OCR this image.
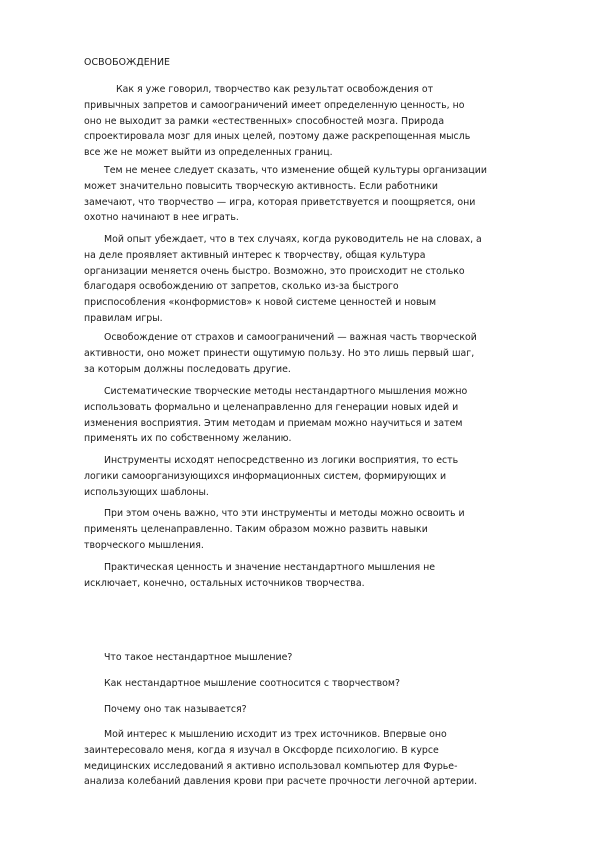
ОСВОБОЖДЕНИЕ

Как я уже говорил, творчество как результат освобождения от
привычных запретов и самоограничений имеет определенную ценность, но
оно не выходит за рамки «естественных» способностей мозга. Природа
спроектировала мозг для иных целей, поэтому даже раскрепощенная мысль
все же не может выйти из определенных границ.

Тем не менее следует сказать, что изменение общей культуры организации
может значительно повысить творческую активность. Если работники
замечают, что творчество — игра, которая приветствуется и поощряется, они
охотно начинают в нее играть.

Мой опыт убеждает, что в тех случаях, когда руководитель не на словах, а
на деле проявляет активный интерес к творчеству, общая культура
организации меняется очень быстро. Возможно, это происходит не столько
благодаря освобождению от запретов, сколько из-за быстрого
приспособления «конформистов» к новой системе ценностей и новым
правилам игры.

Освобождение от страхов и самоограничений — важная часть творческой
активности, оно может принести ощутимую пользу. Но это лишь первый шаг,
за которым должны последовать другие.

Систематические творческие методы нестандартного мышления можно
использовать формально и целенаправленно для генерации новых идей и
изменения восприятия. Этим методам и приемам можно научиться и затем
применять их по собственному желанию.

Инструменты исходят непосредственно из логики восприятия, то есть
логики самоорганизующихся информационных систем, формирующих и
использующих шаблоны.

При этом очень важно, что эти инструменты и методы можно освоить и
применять целенаправленно. Таким образом можно развить навыки
творческого мышления.

Практическая ценность и значение нестандартного мышления не
исключает, конечно, остальных источников творчества.

Что такое нестандартное мышление?

Как нестандартное мышление соотносится с творчеством?

Почему оно так называется?

Мой интерес к мышлению исходит из трех источников. Впервые оно
заинтересовало меня, когда я изучал в Оксфорде психологию. В курсе
медицинских исследований я активно использовал компьютер для Фурье-
анализа колебаний давления крови при расчете прочности легочной артерии.
